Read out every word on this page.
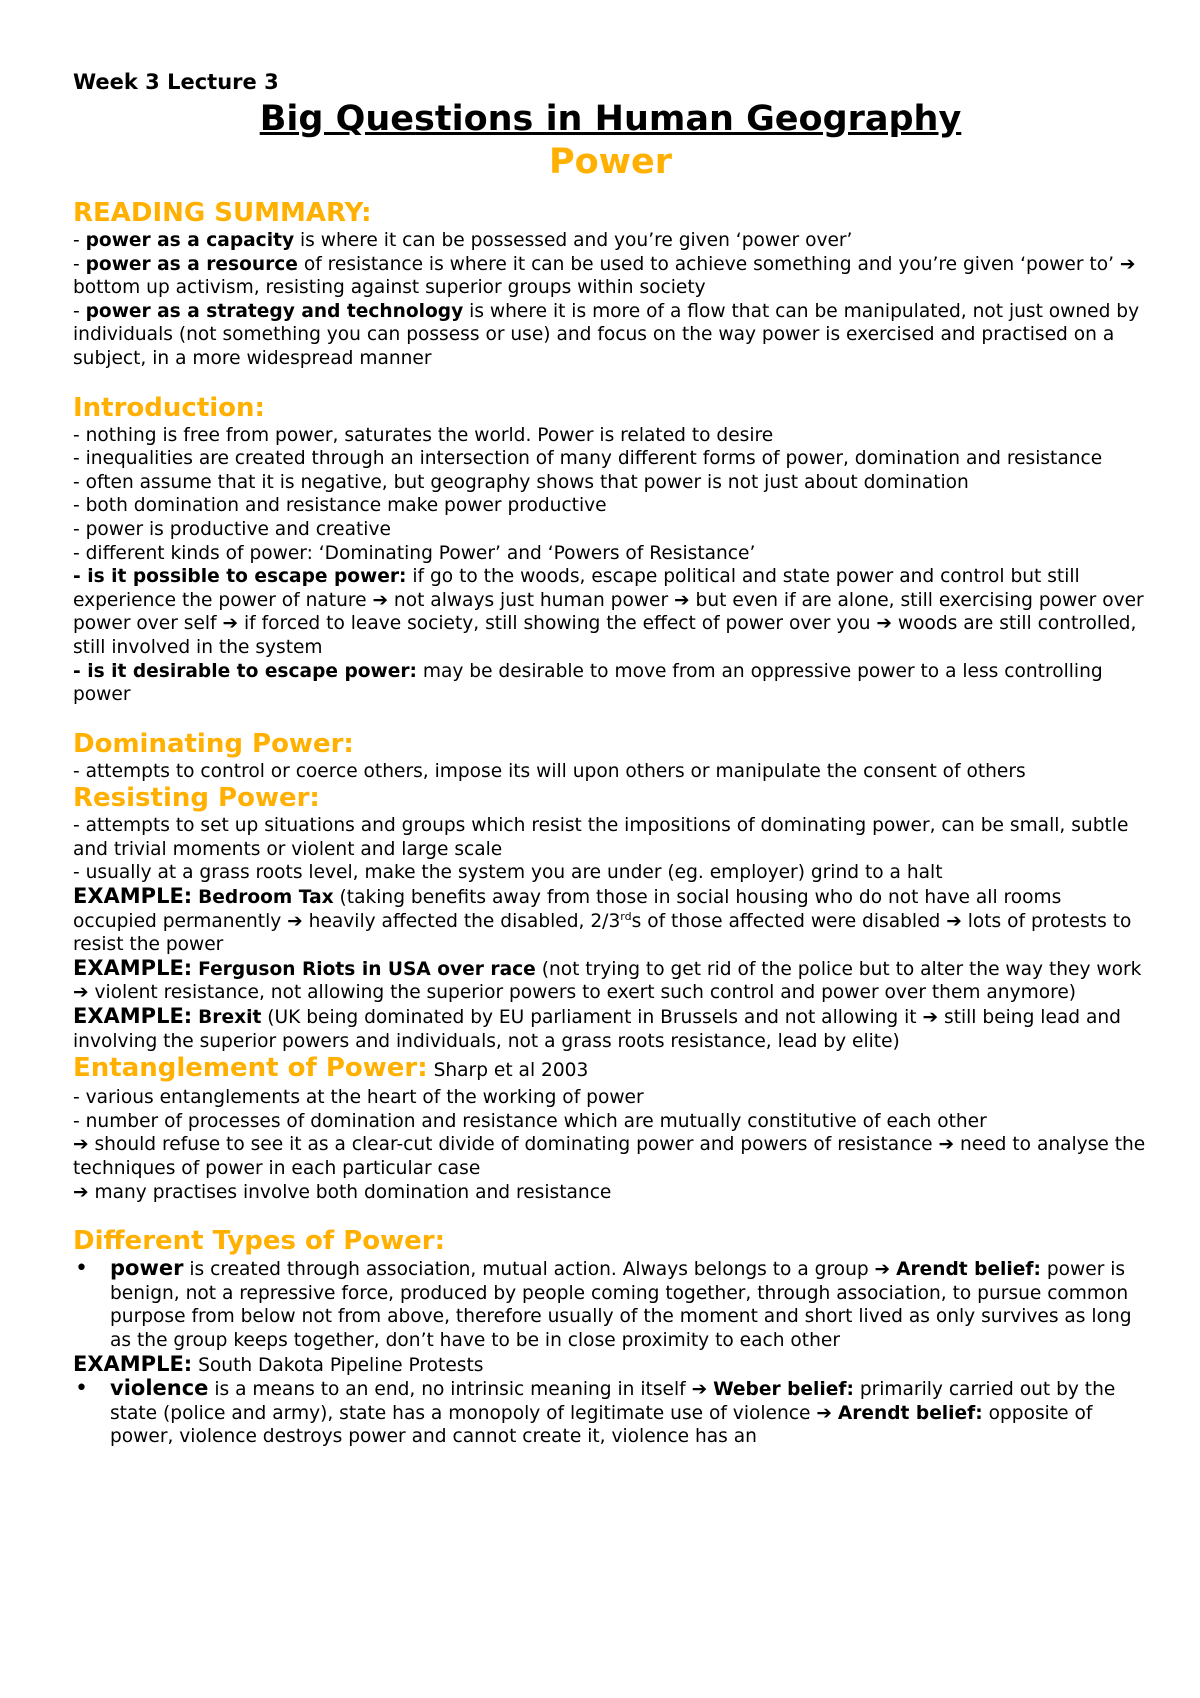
Week 3 Lecture 3
Big Questions in Human Geography
Power
READING SUMMARY:
- power as a capacity is where it can be possessed and you’re given ‘power over’
- power as a resource of resistance is where it can be used to achieve something and you’re given ‘power to’ ➔ bottom up activism, resisting against superior groups within society
- power as a strategy and technology is where it is more of a flow that can be manipulated, not just owned by individuals (not something you can possess or use) and focus on the way power is exercised and practised on a subject, in a more widespread manner
Introduction:
- nothing is free from power, saturates the world. Power is related to desire
- inequalities are created through an intersection of many different forms of power, domination and resistance
- often assume that it is negative, but geography shows that power is not just about domination
- both domination and resistance make power productive
- power is productive and creative
- different kinds of power: ‘Dominating Power’ and ‘Powers of Resistance’
- is it possible to escape power: if go to the woods, escape political and state power and control but still experience the power of nature ➔ not always just human power ➔ but even if are alone, still exercising power over power over self ➔ if forced to leave society, still showing the effect of power over you ➔ woods are still controlled, still involved in the system
- is it desirable to escape power: may be desirable to move from an oppressive power to a less controlling power
Dominating Power:
- attempts to control or coerce others, impose its will upon others or manipulate the consent of others
Resisting Power:
- attempts to set up situations and groups which resist the impositions of dominating power, can be small, subtle and trivial moments or violent and large scale
- usually at a grass roots level, make the system you are under (eg. employer) grind to a halt
EXAMPLE: Bedroom Tax (taking benefits away from those in social housing who do not have all rooms occupied permanently ➔ heavily affected the disabled, 2/3rds of those affected were disabled ➔ lots of protests to resist the power
EXAMPLE: Ferguson Riots in USA over race (not trying to get rid of the police but to alter the way they work ➔ violent resistance, not allowing the superior powers to exert such control and power over them anymore)
EXAMPLE: Brexit (UK being dominated by EU parliament in Brussels and not allowing it ➔ still being lead and involving the superior powers and individuals, not a grass roots resistance, lead by elite)
Entanglement of Power: Sharp et al 2003
- various entanglements at the heart of the working of power
- number of processes of domination and resistance which are mutually constitutive of each other
➔ should refuse to see it as a clear-cut divide of dominating power and powers of resistance ➔ need to analyse the techniques of power in each particular case
➔ many practises involve both domination and resistance
Different Types of Power:
• power is created through association, mutual action. Always belongs to a group ➔ Arendt belief: power is benign, not a repressive force, produced by people coming together, through association, to pursue common purpose from below not from above, therefore usually of the moment and short lived as only survives as long as the group keeps together, don’t have to be in close proximity to each other
EXAMPLE: South Dakota Pipeline Protests
• violence is a means to an end, no intrinsic meaning in itself ➔ Weber belief: primarily carried out by the state (police and army), state has a monopoly of legitimate use of violence ➔ Arendt belief: opposite of power, violence destroys power and cannot create it, violence has an
